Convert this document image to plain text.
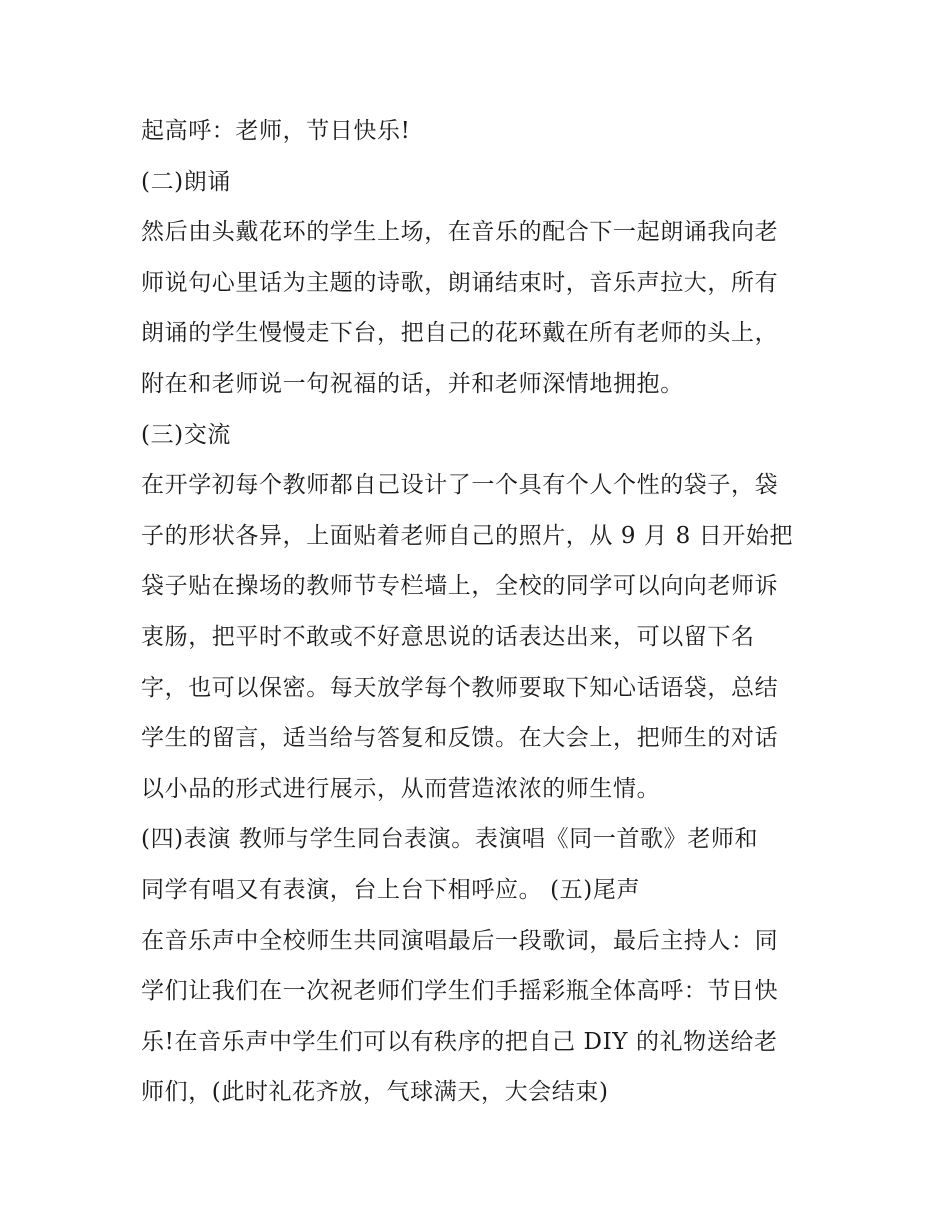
起高呼：老师，节日快乐!
(二)朗诵
然后由头戴花环的学生上场，在音乐的配合下一起朗诵我向老
师说句心里话为主题的诗歌，朗诵结束时，音乐声拉大，所有
朗诵的学生慢慢走下台，把自己的花环戴在所有老师的头上，
附在和老师说一句祝福的话，并和老师深情地拥抱。
(三)交流
在开学初每个教师都自己设计了一个具有个人个性的袋子，袋
子的形状各异，上面贴着老师自己的照片，从 9 月 8 日开始把
袋子贴在操场的教师节专栏墙上，全校的同学可以向向老师诉
衷肠，把平时不敢或不好意思说的话表达出来，可以留下名
字，也可以保密。每天放学每个教师要取下知心话语袋，总结
学生的留言，适当给与答复和反馈。在大会上，把师生的对话
以小品的形式进行展示，从而营造浓浓的师生情。
(四)表演 教师与学生同台表演。表演唱《同一首歌》老师和
同学有唱又有表演，台上台下相呼应。 (五)尾声
在音乐声中全校师生共同演唱最后一段歌词，最后主持人：同
学们让我们在一次祝老师们学生们手摇彩瓶全体高呼：节日快
乐!在音乐声中学生们可以有秩序的把自己 DIY 的礼物送给老
师们，(此时礼花齐放，气球满天，大会结束)
